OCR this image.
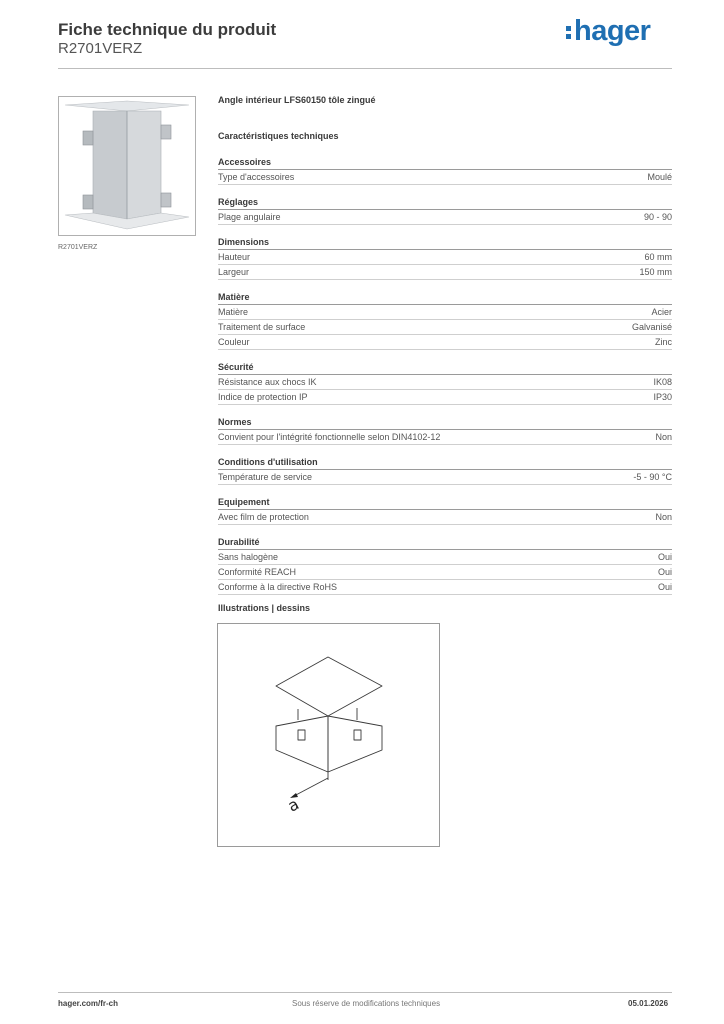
Fiche technique du produit
R2701VERZ
hager
R2701VERZ
Angle intérieur LFS60150 tôle zingué
Caractéristiques techniques
Accessoires
Type d'accessoires	Moulé
Réglages
Plage angulaire	90 - 90
Dimensions
Hauteur	60 mm
Largeur	150 mm
Matière
Matière	Acier
Traitement de surface	Galvanisé
Couleur	Zinc
Sécurité
Résistance aux chocs IK	IK08
Indice de protection IP	IP30
Normes
Convient pour l'intégrité fonctionnelle selon DIN4102-12	Non
Conditions d'utilisation
Température de service	-5 - 90 °C
Equipement
Avec film de protection	Non
Durabilité
Sans halogène	Oui
Conformité REACH	Oui
Conforme à la directive RoHS	Oui
Illustrations | dessins
a
hager.com/fr-ch	Sous réserve de modifications techniques	05.01.2026
